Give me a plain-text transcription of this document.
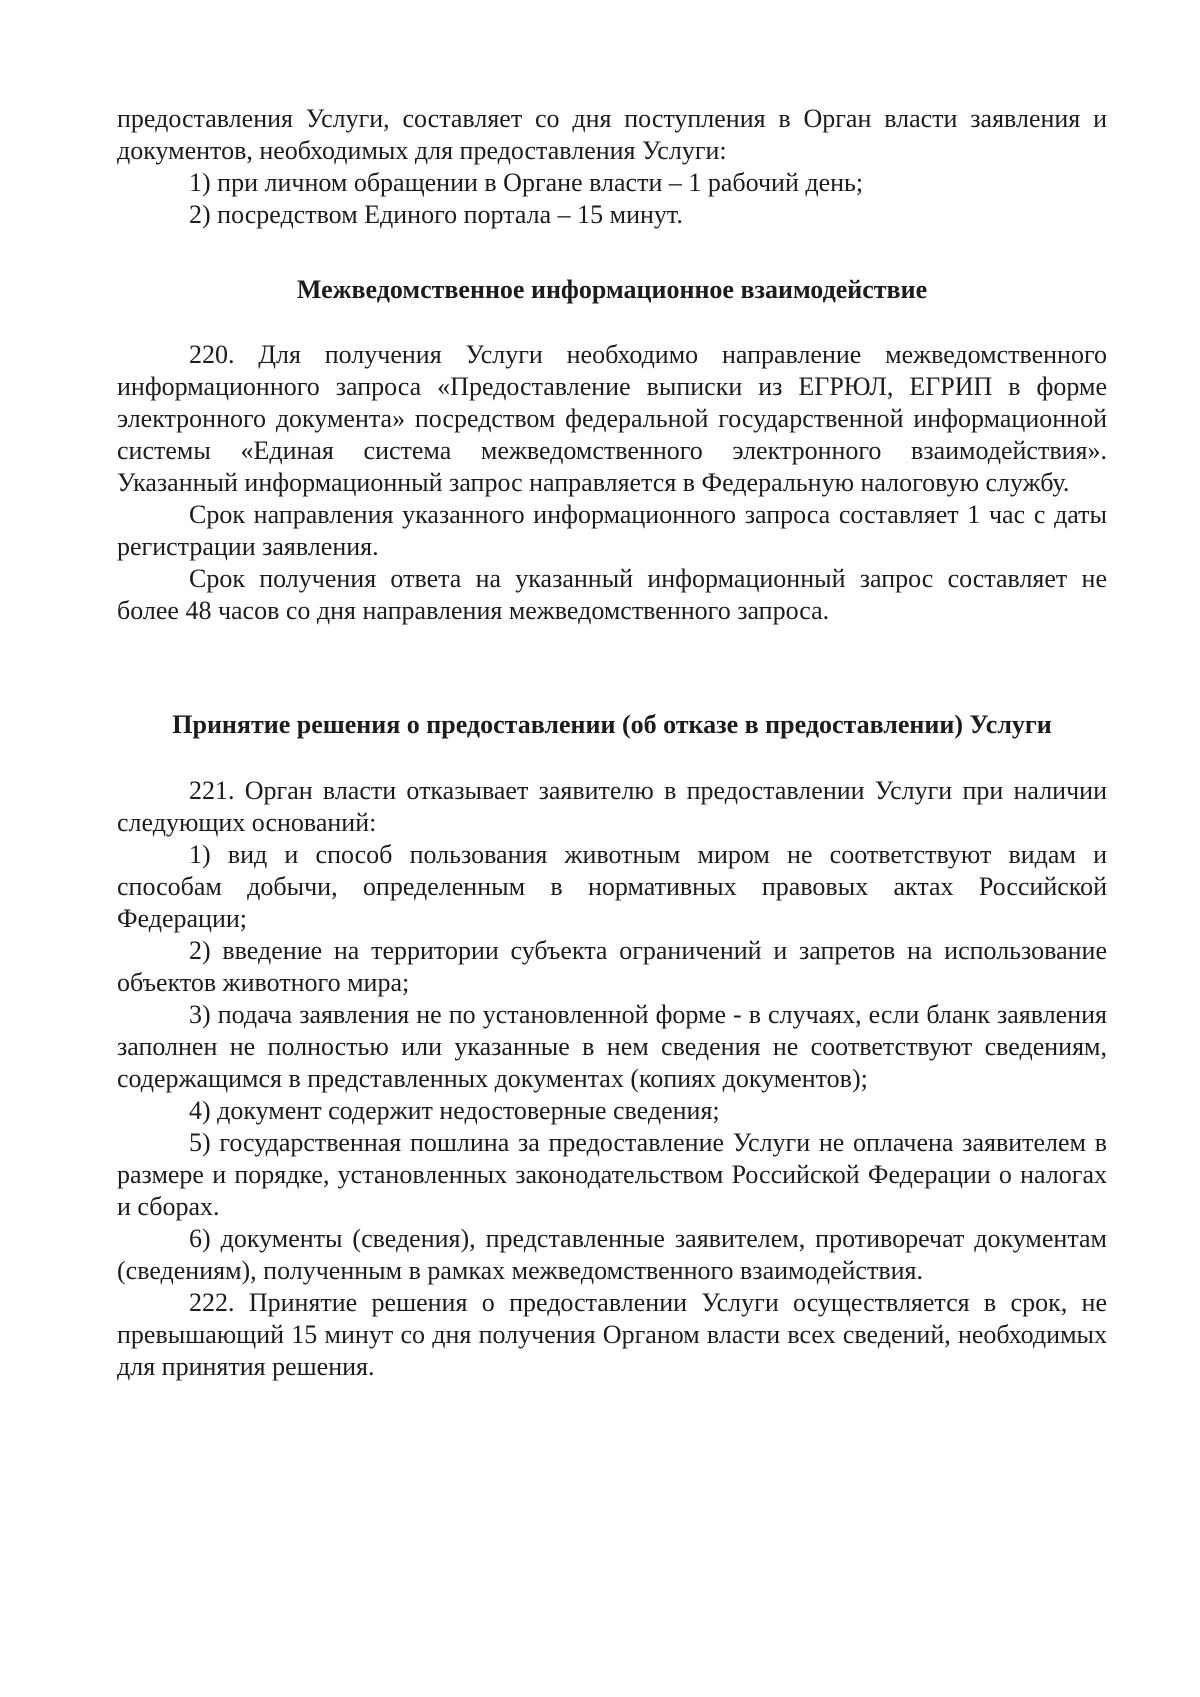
предоставления Услуги, составляет со дня поступления в Орган власти заявления и документов, необходимых для предоставления Услуги:

1) при личном обращении в Органе власти – 1 рабочий день;

2) посредством Единого портала – 15 минут.

Межведомственное информационное взаимодействие

220. Для получения Услуги необходимо направление межведомственного информационного запроса «Предоставление выписки из ЕГРЮЛ, ЕГРИП в форме электронного документа» посредством федеральной государственной информационной системы «Единая система межведомственного электронного взаимодействия». Указанный информационный запрос направляется в Федеральную налоговую службу.

Срок направления указанного информационного запроса составляет 1 час с даты регистрации заявления.

Срок получения ответа на указанный информационный запрос составляет не более 48 часов со дня направления межведомственного запроса.

Принятие решения о предоставлении (об отказе в предоставлении) Услуги

221. Орган власти отказывает заявителю в предоставлении Услуги при наличии следующих оснований:

1) вид и способ пользования животным миром не соответствуют видам и способам добычи, определенным в нормативных правовых актах Российской Федерации;

2) введение на территории субъекта ограничений и запретов на использование объектов животного мира;

3) подача заявления не по установленной форме - в случаях, если бланк заявления заполнен не полностью или указанные в нем сведения не соответствуют сведениям, содержащимся в представленных документах (копиях документов);

4) документ содержит недостоверные сведения;

5) государственная пошлина за предоставление Услуги не оплачена заявителем в размере и порядке, установленных законодательством Российской Федерации о налогах и сборах.

6) документы (сведения), представленные заявителем, противоречат документам (сведениям), полученным в рамках межведомственного взаимодействия.

222. Принятие решения о предоставлении Услуги осуществляется в срок, не превышающий 15 минут со дня получения Органом власти всех сведений, необходимых для принятия решения.
